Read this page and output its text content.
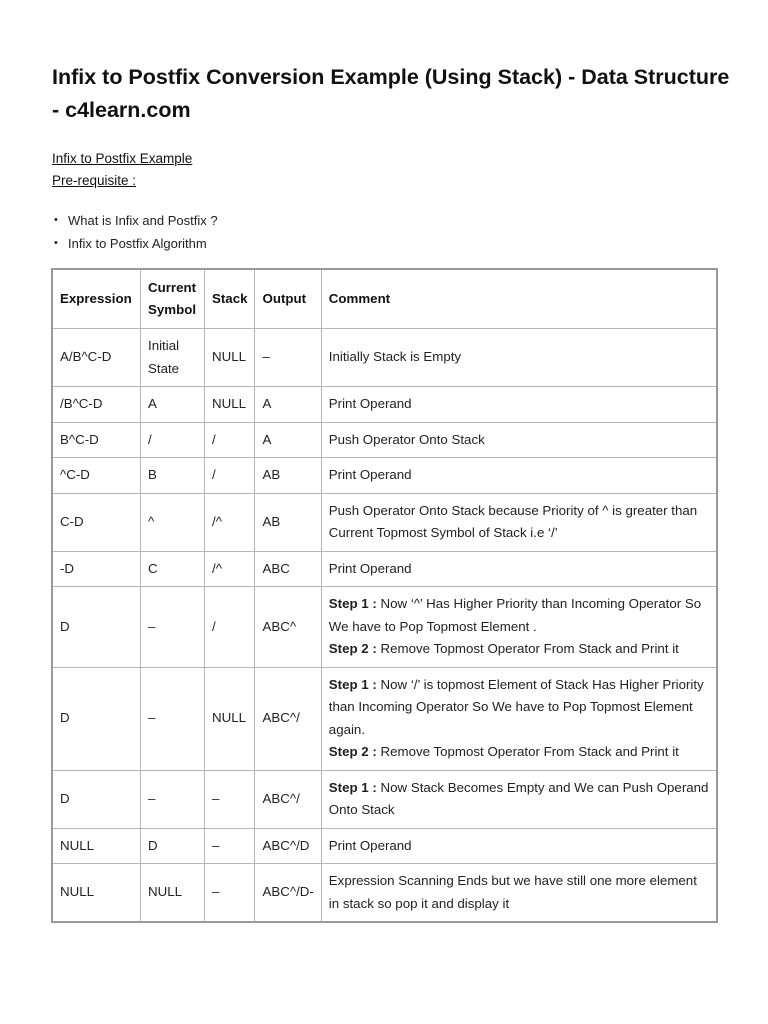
Infix to Postfix Conversion Example (Using Stack) - Data Structure - c4learn.com
Infix to Postfix Example
Pre-requisite :
• What is Infix and Postfix ?
• Infix to Postfix Algorithm
Expression	Current Symbol	Stack	Output	Comment
A/B^C-D	Initial State	NULL	–	Initially Stack is Empty
/B^C-D	A	NULL	A	Print Operand
B^C-D	/	/	A	Push Operator Onto Stack
^C-D	B	/	AB	Print Operand
C-D	^	/^	AB	Push Operator Onto Stack because Priority of ^ is greater than Current Topmost Symbol of Stack i.e ‘/’
-D	C	/^	ABC	Print Operand
D	–	/	ABC^	Step 1 : Now ‘^’ Has Higher Priority than Incoming Operator So We have to Pop Topmost Element .
Step 2 : Remove Topmost Operator From Stack and Print it
D	–	NULL	ABC^/	Step 1 : Now ‘/’ is topmost Element of Stack Has Higher Priority than Incoming Operator So We have to Pop Topmost Element again.
Step 2 : Remove Topmost Operator From Stack and Print it
D	–	–	ABC^/	Step 1 : Now Stack Becomes Empty and We can Push Operand Onto Stack
NULL	D	–	ABC^/D	Print Operand
NULL	NULL	–	ABC^/D-	Expression Scanning Ends but we have still one more element in stack so pop it and display it
